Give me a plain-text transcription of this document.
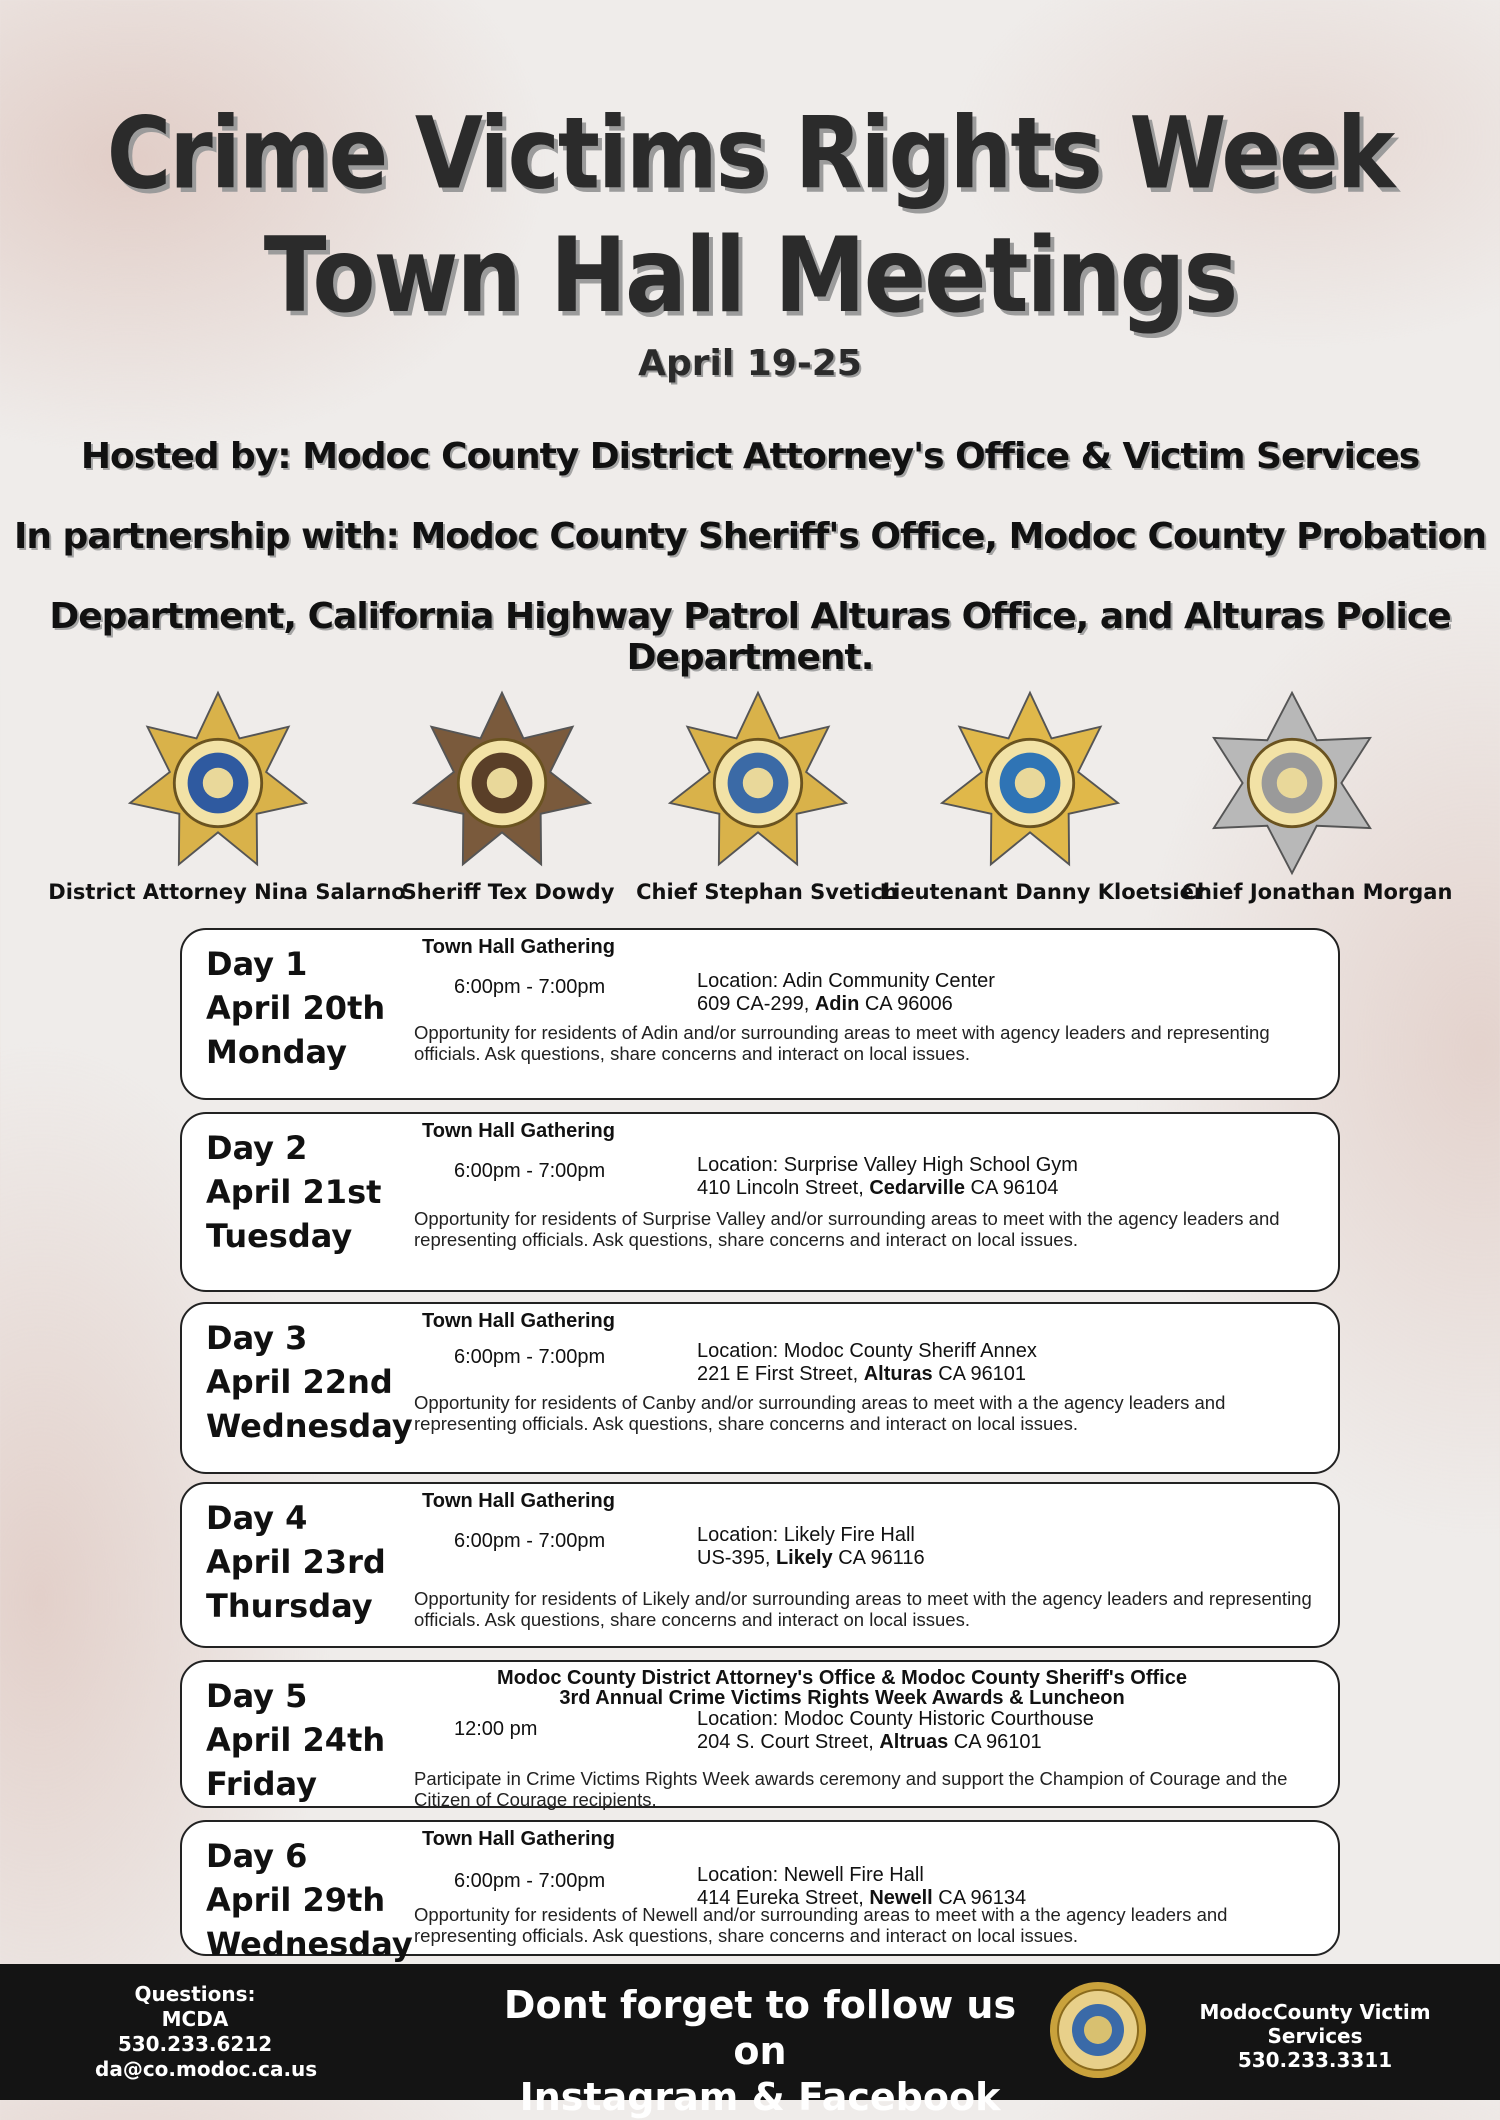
Crime Victims Rights Week
Town Hall Meetings
April 19-25
Hosted by: Modoc County District Attorney's Office & Victim Services
In partnership with: Modoc County Sheriff's Office, Modoc County Probation
Department, California Highway Patrol Alturas Office, and Alturas Police Department.
District Attorney Nina Salarno
Sheriff Tex Dowdy	Chief Stephan Svetich
Lieutenant Danny Kloetsier
Chief Jonathan Morgan
Day 1
April 20th
Monday
Town Hall Gathering
6:00pm - 7:00pm	Location: Adin Community Center
609 CA-299, Adin CA 96006
Opportunity for residents of Adin and/or surrounding areas to meet with agency leaders and representing officials. Ask questions, share concerns and interact on local issues.
Day 2
April 21st
Tuesday
Town Hall Gathering
6:00pm - 7:00pm	Location: Surprise Valley High School Gym
410 Lincoln Street, Cedarville CA 96104
Opportunity for residents of Surprise Valley and/or surrounding areas to meet with the agency leaders and representing officials. Ask questions, share concerns and interact on local issues.
Day 3
April 22nd
Wednesday
Town Hall Gathering
6:00pm - 7:00pm	Location: Modoc County Sheriff Annex
221 E First Street, Alturas CA 96101
Opportunity for residents of Canby and/or surrounding areas to meet with a the agency leaders and representing officials. Ask questions, share concerns and interact on local issues.
Day 4
April 23rd
Thursday
Town Hall Gathering
6:00pm - 7:00pm	Location: Likely Fire Hall
US-395, Likely CA 96116
Opportunity for residents of Likely and/or surrounding areas to meet with the agency leaders and representing officials. Ask questions, share concerns and interact on local issues.
Day 5
April 24th
Friday
Modoc County District Attorney's Office & Modoc County Sheriff's Office
3rd Annual Crime Victims Rights Week Awards & Luncheon
12:00 pm	Location: Modoc County Historic Courthouse
204 S. Court Street, Altruas CA 96101
Participate in Crime Victims Rights Week awards ceremony and support the Champion of Courage and the Citizen of Courage recipients.
Day 6
April 29th
Wednesday
Town Hall Gathering
6:00pm - 7:00pm	Location: Newell Fire Hall
414 Eureka Street, Newell CA 96134
Opportunity for residents of Newell and/or surrounding areas to meet with a the agency leaders and representing officials. Ask questions, share concerns and interact on local issues.
Questions:
MCDA 530.233.6212
da@co.modoc.ca.us
Dont forget to follow us on
Instagram & Facebook
ModocCounty Victim Services
530.233.3311
